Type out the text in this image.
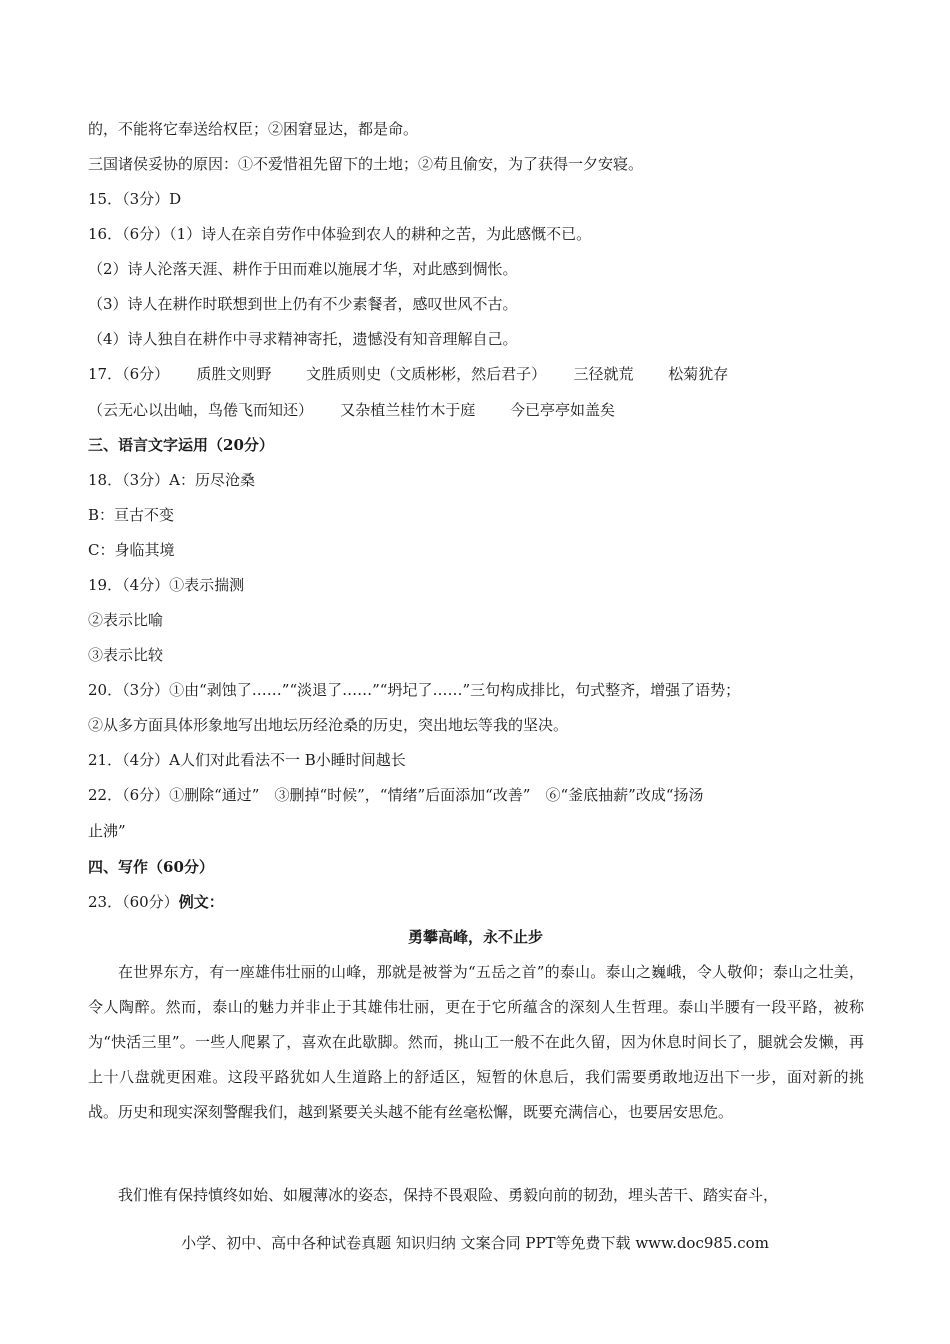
的，不能将它奉送给权臣；②困窘显达，都是命。
三国诸侯妥协的原因：①不爱惜祖先留下的土地；②苟且偷安，为了获得一夕安寝。
15．（3分）D
16．（6分）（1）诗人在亲自劳作中体验到农人的耕种之苦，为此感慨不已。
（2）诗人沦落天涯、耕作于田而难以施展才华，对此感到惆怅。
（3）诗人在耕作时联想到世上仍有不少素餐者，感叹世风不古。
（4）诗人独自在耕作中寻求精神寄托，遗憾没有知音理解自己。
17．（6分）　　 质胜文则野　　 文胜质则史（文质彬彬，然后君子）　　 三径就荒　　 松菊犹存
（云无心以出岫，鸟倦飞而知还）　　 又杂植兰桂竹木于庭　　 今已亭亭如盖矣
三、语言文字运用（20分）
18．（3分）A：历尽沧桑
B：亘古不变
C：身临其境
19．（4分）①表示揣测
②表示比喻
③表示比较
20．（3分）①由“剥蚀了……”“淡退了……”“坍圮了……”三句构成排比，句式整齐，增强了语势；
②从多方面具体形象地写出地坛历经沧桑的历史，突出地坛等我的坚决。
21．（4分）A人们对此看法不一 B小睡时间越长
22．（6分）①删除“通过”　③删掉“时候”，“情绪”后面添加“改善”　⑥“釜底抽薪”改成“扬汤
止沸”
四、写作（60分）
23．（60分）例文：
勇攀高峰，永不止步
在世界东方，有一座雄伟壮丽的山峰，那就是被誉为“五岳之首”的泰山。泰山之巍峨，令人敬仰；泰山之壮美，令人陶醉。然而，泰山的魅力并非止于其雄伟壮丽，更在于它所蕴含的深刻人生哲理。泰山半腰有一段平路，被称为“快活三里”。一些人爬累了，喜欢在此歇脚。然而，挑山工一般不在此久留，因为休息时间长了，腿就会发懒，再上十八盘就更困难。这段平路犹如人生道路上的舒适区，短暂的休息后，我们需要勇敢地迈出下一步，面对新的挑战。历史和现实深刻警醒我们，越到紧要关头越不能有丝毫松懈，既要充满信心，也要居安思危。
我们惟有保持慎终如始、如履薄冰的姿态，保持不畏艰险、勇毅向前的韧劲，埋头苦干、踏实奋斗，
小学、初中、高中各种试卷真题 知识归纳 文案合同 PPT等免费下载 www.doc985.com
